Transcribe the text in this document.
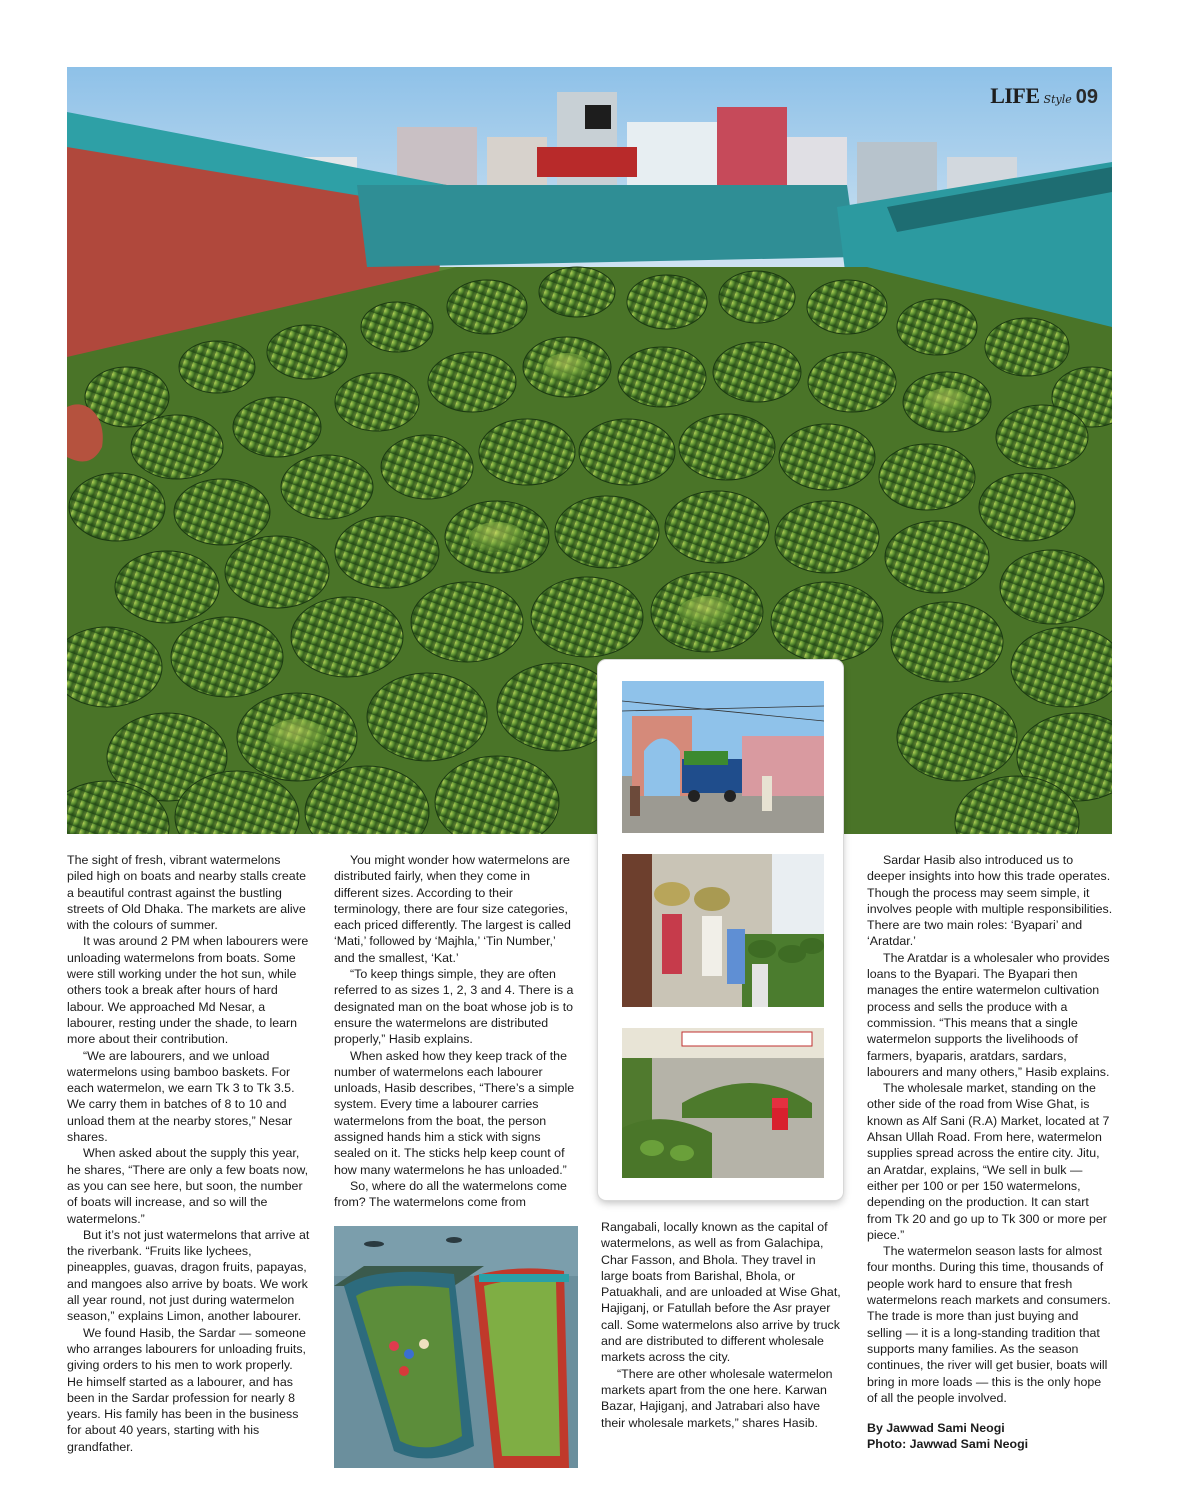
LIFE Style 09

The sight of fresh, vibrant watermelons piled high on boats and nearby stalls create a beautiful contrast against the bustling streets of Old Dhaka. The markets are alive with the colours of summer.

It was around 2 PM when labourers were unloading watermelons from boats. Some were still working under the hot sun, while others took a break after hours of hard labour. We approached Md Nesar, a labourer, resting under the shade, to learn more about their contribution.

“We are labourers, and we unload watermelons using bamboo baskets. For each watermelon, we earn Tk 3 to Tk 3.5. We carry them in batches of 8 to 10 and unload them at the nearby stores,” Nesar shares.

When asked about the supply this year, he shares, “There are only a few boats now, as you can see here, but soon, the number of boats will increase, and so will the watermelons.”

But it’s not just watermelons that arrive at the riverbank. “Fruits like lychees, pineapples, guavas, dragon fruits, papayas, and mangoes also arrive by boats. We work all year round, not just during watermelon season,” explains Limon, another labourer.

We found Hasib, the Sardar — someone who arranges labourers for unloading fruits, giving orders to his men to work properly. He himself started as a labourer, and has been in the Sardar profession for nearly 8 years. His family has been in the business for about 40 years, starting with his grandfather.

You might wonder how watermelons are distributed fairly, when they come in different sizes. According to their terminology, there are four size categories, each priced differently. The largest is called ‘Mati,’ followed by ‘Majhla,’ ‘Tin Number,’ and the smallest, ‘Kat.’

“To keep things simple, they are often referred to as sizes 1, 2, 3 and 4. There is a designated man on the boat whose job is to ensure the watermelons are distributed properly,” Hasib explains.

When asked how they keep track of the number of watermelons each labourer unloads, Hasib describes, “There’s a simple system. Every time a labourer carries watermelons from the boat, the person assigned hands him a stick with signs sealed on it. The sticks help keep count of how many watermelons he has unloaded.”

So, where do all the watermelons come from? The watermelons come from

Rangabali, locally known as the capital of watermelons, as well as from Galachipa, Char Fasson, and Bhola. They travel in large boats from Barishal, Bhola, or Patuakhali, and are unloaded at Wise Ghat, Hajiganj, or Fatullah before the Asr prayer call. Some watermelons also arrive by truck and are distributed to different wholesale markets across the city.

“There are other wholesale watermelon markets apart from the one here. Karwan Bazar, Hajiganj, and Jatrabari also have their wholesale markets,” shares Hasib.

Sardar Hasib also introduced us to deeper insights into how this trade operates. Though the process may seem simple, it involves people with multiple responsibilities. There are two main roles: ‘Byapari’ and ‘Aratdar.’

The Aratdar is a wholesaler who provides loans to the Byapari. The Byapari then manages the entire watermelon cultivation process and sells the produce with a commission. “This means that a single watermelon supports the livelihoods of farmers, byaparis, aratdars, sardars, labourers and many others,” Hasib explains.

The wholesale market, standing on the other side of the road from Wise Ghat, is known as Alf Sani (R.A) Market, located at 7 Ahsan Ullah Road. From here, watermelon supplies spread across the entire city. Jitu, an Aratdar, explains, “We sell in bulk — either per 100 or per 150 watermelons, depending on the production. It can start from Tk 20 and go up to Tk 300 or more per piece.”

The watermelon season lasts for almost four months. During this time, thousands of people work hard to ensure that fresh watermelons reach markets and consumers. The trade is more than just buying and selling — it is a long-standing tradition that supports many families. As the season continues, the river will get busier, boats will bring in more loads — this is the only hope of all the people involved.

By Jawwad Sami Neogi
Photo: Jawwad Sami Neogi
